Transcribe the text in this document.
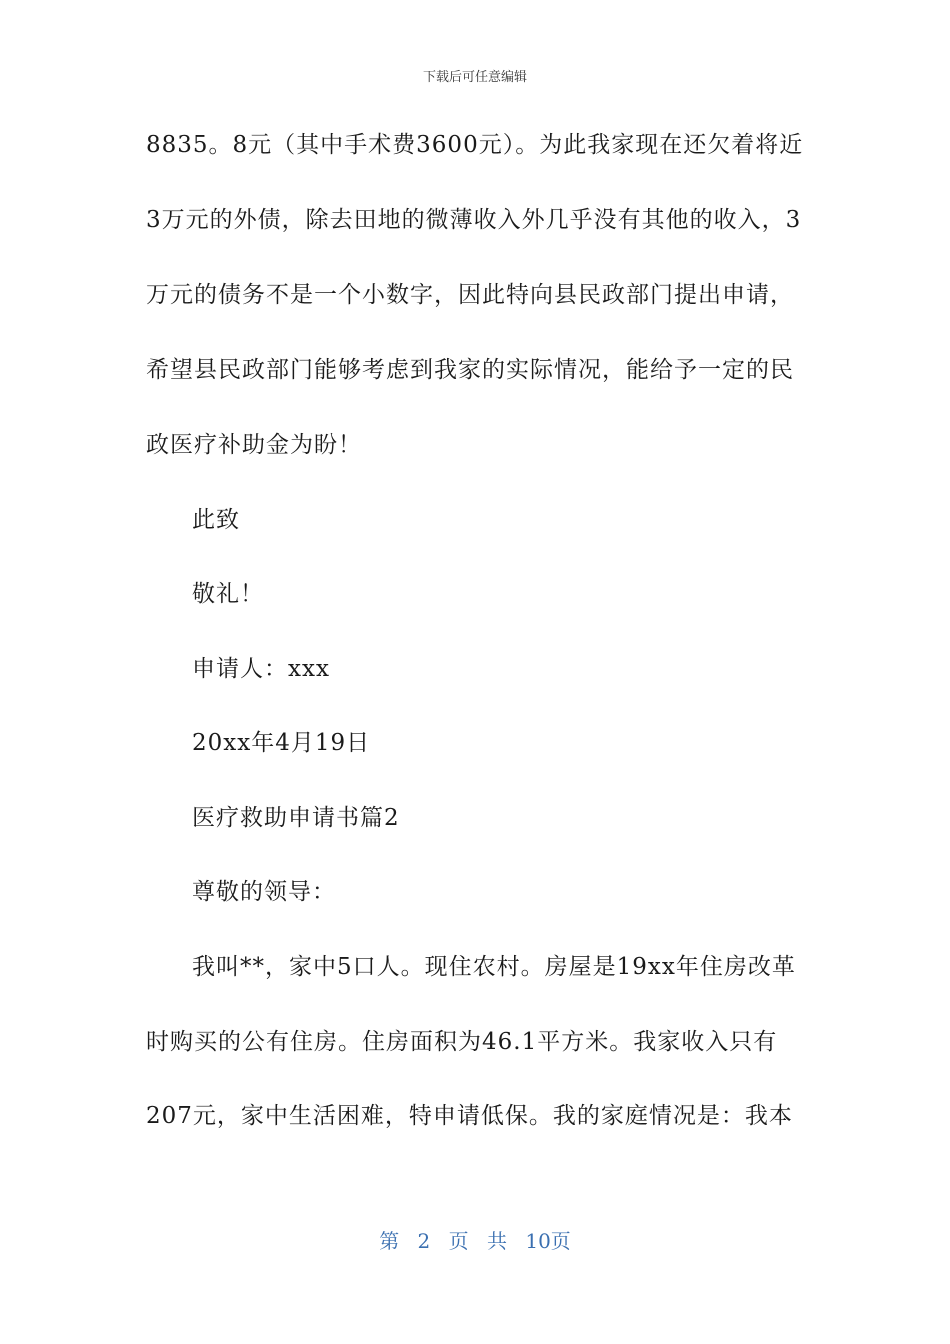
下载后可任意编辑
8835。8元（其中手术费3600元）。为此我家现在还欠着将近
3万元的外债，除去田地的微薄收入外几乎没有其他的收入，3
万元的债务不是一个小数字，因此特向县民政部门提出申请，
希望县民政部门能够考虑到我家的实际情况，能给予一定的民
政医疗补助金为盼！
此致
敬礼！
申请人：xxx
20xx年4月19日
医疗救助申请书篇2
尊敬的领导：
我叫**，家中5口人。现住农村。房屋是19xx年住房改革
时购买的公有住房。住房面积为46.1平方米。我家收入只有
207元，家中生活困难，特申请低保。我的家庭情况是：我本
第 2 页 共 10页
